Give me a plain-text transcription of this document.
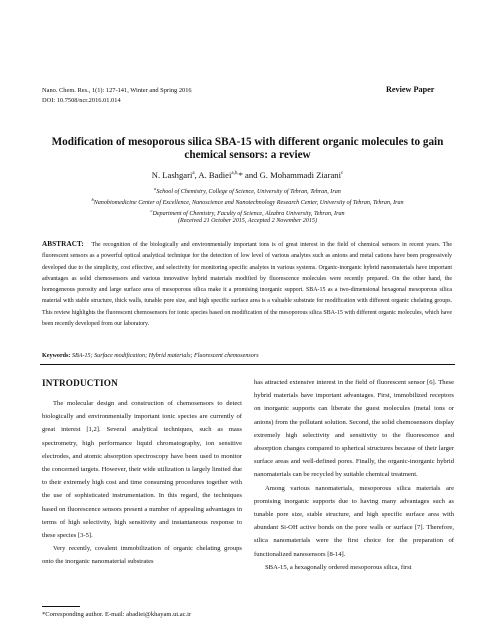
Nano. Chem. Res., 1(1): 127-141, Winter and Spring 2016
DOI: 10.7508/ncr.2016.01.014
Review Paper
Modification of mesoporous silica SBA-15 with different organic molecules to gain chemical sensors: a review
N. Lashgari$^a$, A. Badiei$^{a,b,}$* and G. Mohammadi Ziarani$^c$
$^a$School of Chemistry, College of Science, University of Tehran, Tehran, Iran
$^b$Nanobiomedicine Center of Excellence, Nanoscience and Nanotechnology Research Center, University of Tehran, Tehran, Iran
$^c$Department of Chemistry, Faculty of Science, Alzahra University, Tehran, Iran
(Received 21 October 2015, Accepted 2 November 2015)
ABSTRACT: The recognition of the biologically and environmentally important ions is of great interest in the field of chemical sensors in recent years. The fluorescent sensors as a powerful optical analytical technique for the detection of low level of various analytes such as anions and metal cations have been progressively developed due to the simplicity, cost effective, and selectivity for monitoring specific analytes in various systems. Organic-inorganic hybrid nanomaterials have important advantages as solid chemosensors and various innovative hybrid materials modified by fluorescence molecules were recently prepared. On the other hand, the homogeneous porosity and large surface area of mesoporous silica make it a promising inorganic support. SBA-15 as a two-dimensional hexagonal mesoporous silica material with stable structure, thick walls, tunable pore size, and high specific surface area is a valuable substrate for modification with different organic chelating groups. This review highlights the fluorescent chemosensors for ionic species based on modification of the mesoporous silica SBA-15 with different organic molecules, which have been recently developed from our laboratory.
Keywords: SBA-15; Surface modification; Hybrid materials; Fluorescent chemosensors
INTRODUCTION

The molecular design and construction of chemosensors to detect biologically and environmentally important ionic species are currently of great interest [1,2]. Several analytical techniques, such as mass spectrometry, high performance liquid chromatography, ion sensitive electrodes, and atomic absorption spectroscopy have been used to monitor the concerned targets. However, their wide utilization is largely limited due to their extremely high cost and time consuming procedures together with the use of sophisticated instrumentation. In this regard, the techniques based on fluorescence sensors present a number of appealing advantages in terms of high selectivity, high sensitivity and instantaneous response to these species [3-5].

Very recently, covalent immobilization of organic chelating groups onto the inorganic nanomaterial substrates

has attracted extensive interest in the field of fluorescent sensor [6]. These hybrid materials have important advantages. First, immobilized receptors on inorganic supports can liberate the guest molecules (metal ions or anions) from the pollutant solution. Second, the solid chemosensors display extremely high selectivity and sensitivity to the fluorescence and absorption changes compared to spherical structures because of their larger surface areas and well-defined pores. Finally, the organic-inorganic hybrid nanomaterials can be recycled by suitable chemical treatment.

Among various nanomaterials, mesoporous silica materials are promising inorganic supports due to having many advantages such as tunable pore size, stable structure, and high specific surface area with abundant Si-OH active bonds on the pore walls or surface [7]. Therefore, silica nanomaterials were the first choice for the preparation of functionalized nanosensors [8-14].

SBA-15, a hexagonally ordered mesoporous silica, first

*Corresponding author. E-mail: abadiei@khayam.ut.ac.ir
